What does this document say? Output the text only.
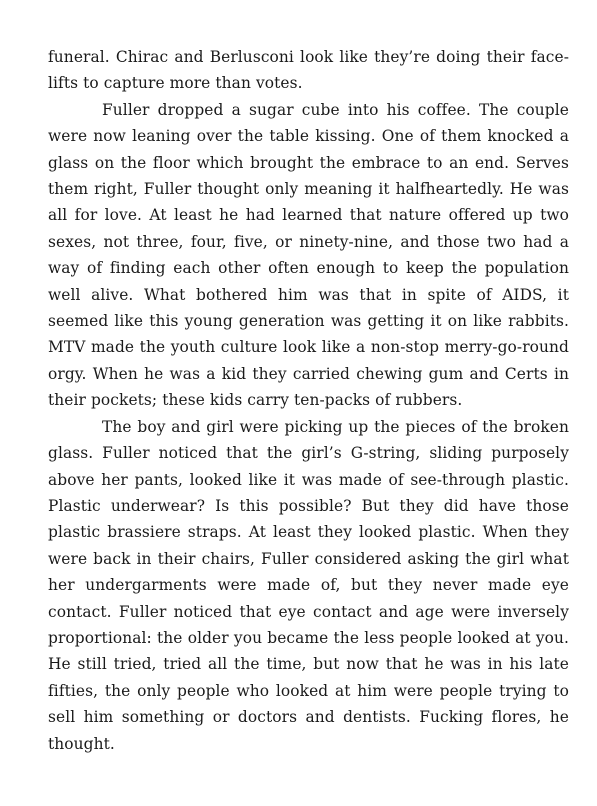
funeral. Chirac and Berlusconi look like they’re doing their face-lifts to capture more than votes.

Fuller dropped a sugar cube into his coffee. The couple were now leaning over the table kissing. One of them knocked a glass on the floor which brought the embrace to an end. Serves them right, Fuller thought only meaning it halfheartedly. He was all for love. At least he had learned that nature offered up two sexes, not three, four, five, or ninety-nine, and those two had a way of finding each other often enough to keep the population well alive. What bothered him was that in spite of AIDS, it seemed like this young generation was getting it on like rabbits. MTV made the youth culture look like a non-stop merry-go-round orgy. When he was a kid they carried chewing gum and Certs in their pockets; these kids carry ten-packs of rubbers.

The boy and girl were picking up the pieces of the broken glass. Fuller noticed that the girl’s G-string, sliding purposely above her pants, looked like it was made of see-through plastic. Plastic underwear? Is this possible? But they did have those plastic brassiere straps. At least they looked plastic. When they were back in their chairs, Fuller considered asking the girl what her undergarments were made of, but they never made eye contact. Fuller noticed that eye contact and age were inversely proportional: the older you became the less people looked at you. He still tried, tried all the time, but now that he was in his late fifties, the only people who looked at him were people trying to sell him something or doctors and dentists. Fucking flores, he thought.
